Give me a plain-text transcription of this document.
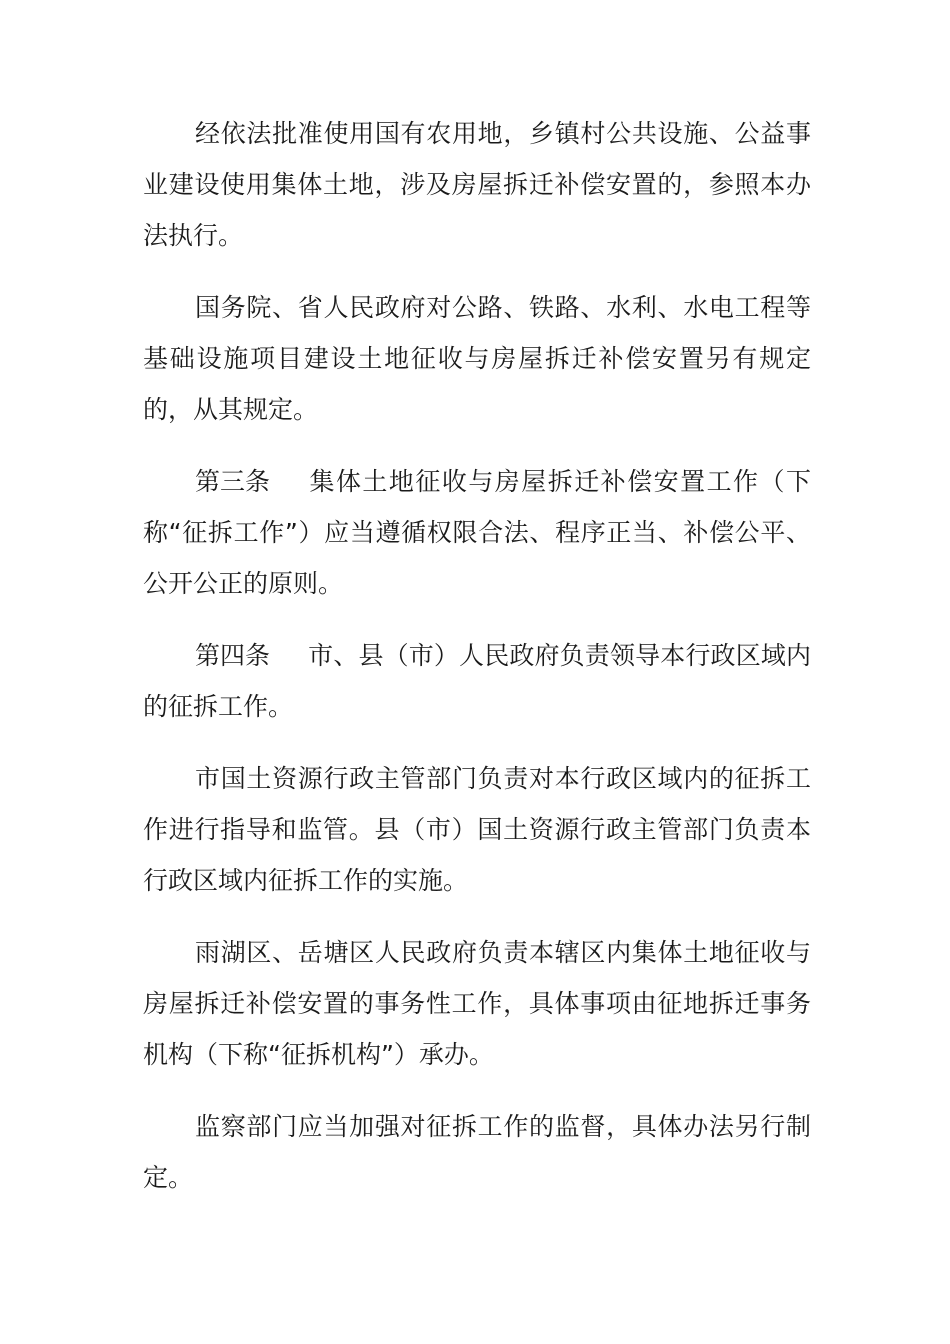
经依法批准使用国有农用地，乡镇村公共设施、公益事业建设使用集体土地，涉及房屋拆迁补偿安置的，参照本办法执行。

国务院、省人民政府对公路、铁路、水利、水电工程等基础设施项目建设土地征收与房屋拆迁补偿安置另有规定的，从其规定。

第三条 集体土地征收与房屋拆迁补偿安置工作（下称“征拆工作”）应当遵循权限合法、程序正当、补偿公平、公开公正的原则。

第四条 市、县（市）人民政府负责领导本行政区域内的征拆工作。

市国土资源行政主管部门负责对本行政区域内的征拆工作进行指导和监管。县（市）国土资源行政主管部门负责本行政区域内征拆工作的实施。

雨湖区、岳塘区人民政府负责本辖区内集体土地征收与房屋拆迁补偿安置的事务性工作，具体事项由征地拆迁事务机构（下称“征拆机构”）承办。

监察部门应当加强对征拆工作的监督，具体办法另行制定。
